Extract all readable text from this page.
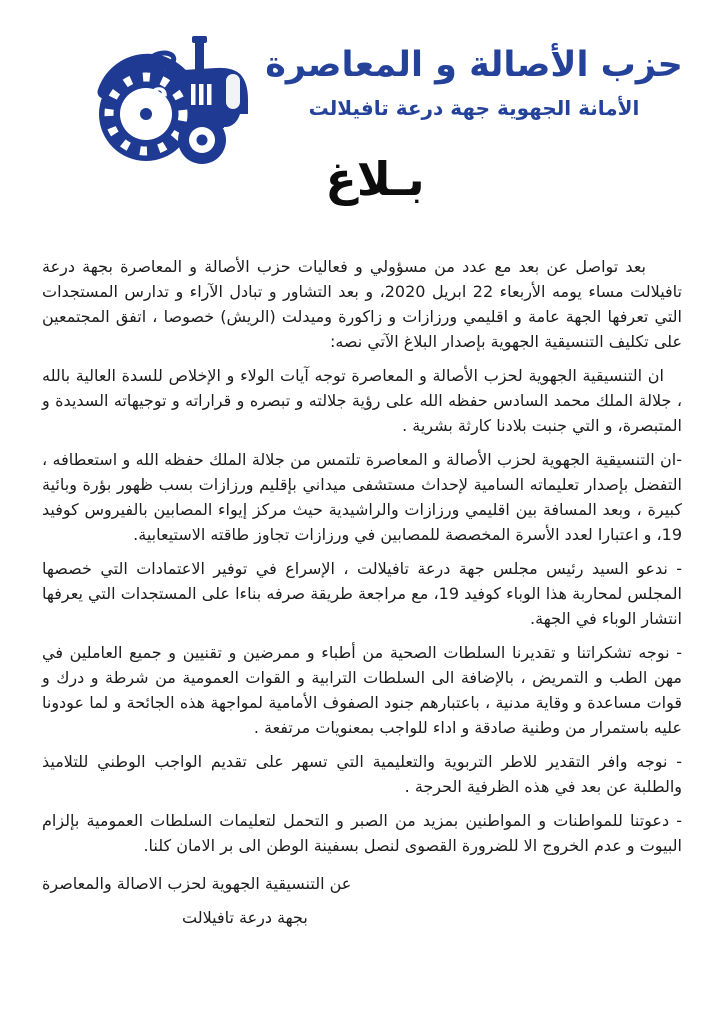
e
حزب الأصالة و المعاصرة
الأمانة الجهوية جهة درعة تافيلالت
بـلاغ

بعد تواصل عن بعد مع عدد من مسؤولي و فعاليات حزب الأصالة و المعاصرة بجهة درعة تافيلالت مساء يومه الأربعاء 22 ابريل 2020، و بعد التشاور و تبادل الآراء و تدارس المستجدات التي تعرفها الجهة عامة و اقليمي ورزازات و زاكورة وميدلت (الريش) خصوصا ، اتفق المجتمعين على تكليف التنسيقية الجهوية بإصدار البلاغ الآتي نصه:

ان التنسيقية الجهوية لحزب الأصالة و المعاصرة توجه آيات الولاء و الإخلاص للسدة العالية بالله ، جلالة الملك محمد السادس حفظه الله على رؤية جلالته و تبصره و قراراته و توجيهاته السديدة و المتبصرة، و التي جنبت بلادنا كارثة بشرية .

-ان التنسيقية الجهوية لحزب الأصالة و المعاصرة تلتمس من جلالة الملك حفظه الله و استعطافه ، التفضل بإصدار تعليماته السامية لإحداث مستشفى ميداني بإقليم ورزازات بسب ظهور بؤرة وبائية كبيرة ، وبعد المسافة بين اقليمي ورزازات والراشيدية حيث مركز إيواء المصابين بالفيروس كوفيد 19، و اعتبارا لعدد الأسرة المخصصة للمصابين في ورزازات تجاوز طاقته الاستيعابية.

- ندعو السيد رئيس مجلس جهة درعة تافيلالت ، الإسراع في توفير الاعتمادات التي خصصها المجلس لمحاربة هذا الوباء كوفيد 19، مع مراجعة طريقة صرفه بناءا على المستجدات التي يعرفها انتشار الوباء في الجهة.

- نوجه تشكراتنا و تقديرنا السلطات الصحية من أطباء و ممرضين و تقنيين و جميع العاملين في مهن الطب و التمريض ، بالإضافة الى السلطات الترابية و القوات العمومية من شرطة و درك و قوات مساعدة و وقاية مدنية ، باعتبارهم جنود الصفوف الأمامية لمواجهة هذه الجائحة و لما عودونا عليه باستمرار من وطنية صادقة و اداء للواجب بمعنويات مرتفعة .

- نوجه وافر التقدير للاطر التربوية والتعليمية التي تسهر على تقديم الواجب الوطني للتلاميذ والطلبة عن بعد في هذه الظرفية الحرجة .

- دعوتنا للمواطنات و المواطنين بمزيد من الصبر و التحمل لتعليمات السلطات العمومية بإلزام البيوت و عدم الخروج الا للضرورة القصوى لنصل بسفينة الوطن الى بر الامان كلنا.

عن التنسيقية الجهوية لحزب الاصالة والمعاصرة
بجهة درعة تافيلالت
